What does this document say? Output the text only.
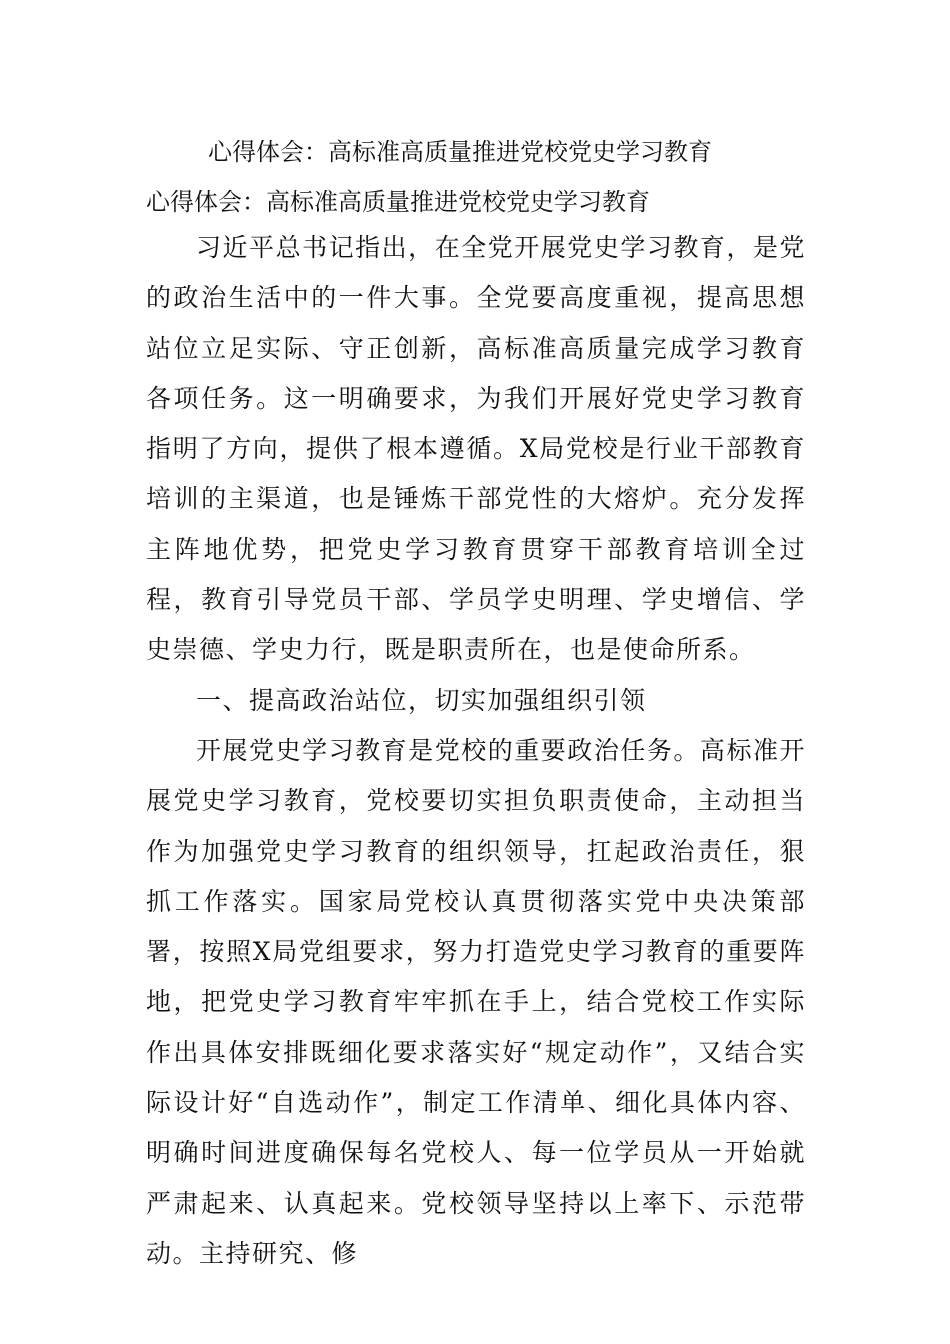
心得体会：高标准高质量推进党校党史学习教育
心得体会：高标准高质量推进党校党史学习教育

习近平总书记指出，在全党开展党史学习教育，是党的政治生活中的一件大事。全党要高度重视，提高思想站位立足实际、守正创新，高标准高质量完成学习教育各项任务。这一明确要求，为我们开展好党史学习教育指明了方向，提供了根本遵循。X局党校是行业干部教育培训的主渠道，也是锤炼干部党性的大熔炉。充分发挥主阵地优势，把党史学习教育贯穿干部教育培训全过程，教育引导党员干部、学员学史明理、学史增信、学史崇德、学史力行，既是职责所在，也是使命所系。

一、提高政治站位，切实加强组织引领

开展党史学习教育是党校的重要政治任务。高标准开展党史学习教育，党校要切实担负职责使命，主动担当作为加强党史学习教育的组织领导，扛起政治责任，狠抓工作落实。国家局党校认真贯彻落实党中央决策部署，按照X局党组要求，努力打造党史学习教育的重要阵地，把党史学习教育牢牢抓在手上，结合党校工作实际作出具体安排既细化要求落实好“规定动作”，又结合实际设计好“自选动作”，制定工作清单、细化具体内容、明确时间进度确保每名党校人、每一位学员从一开始就严肃起来、认真起来。党校领导坚持以上率下、示范带动。主持研究、修
